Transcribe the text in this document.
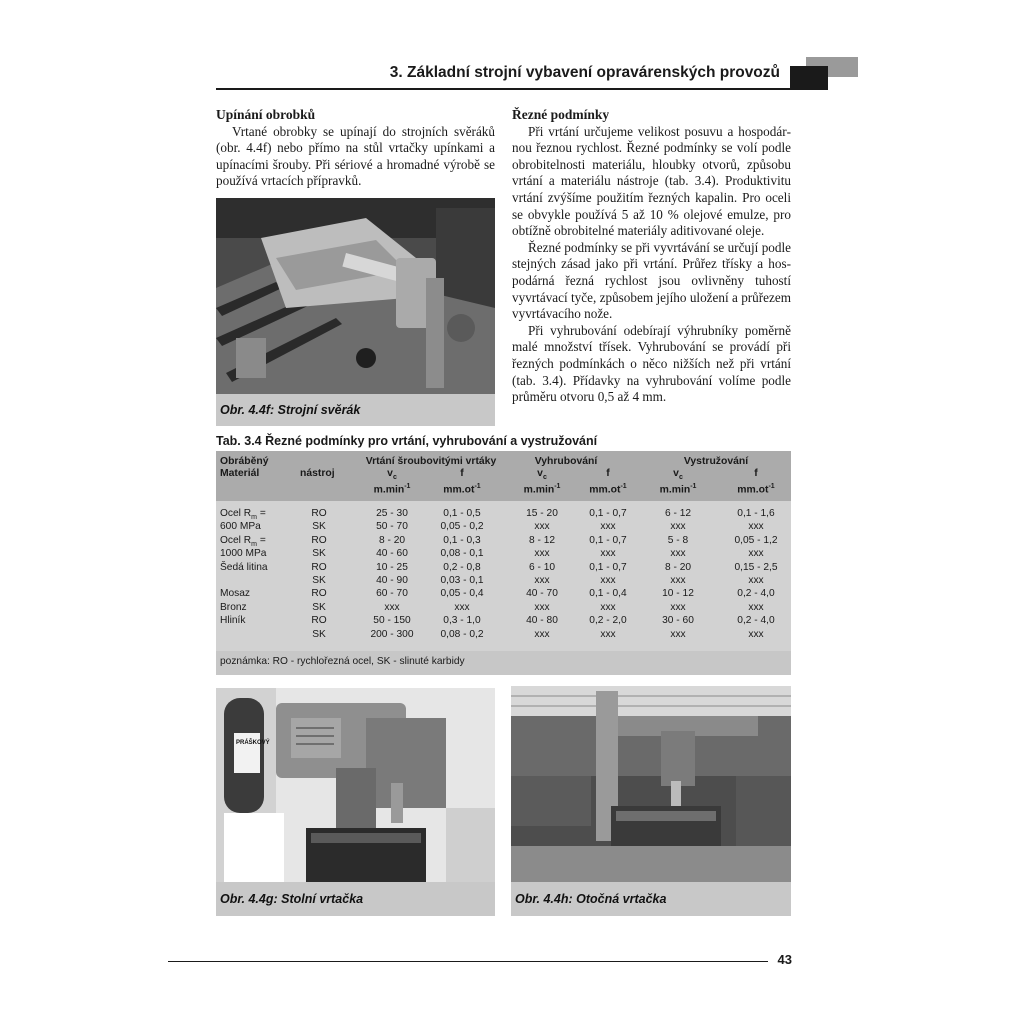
3. Základní strojní vybavení opravárenských provozů
Upínání obrobků

Vrtané obrobky se upínají do strojních svěráků (obr. 4.4f) nebo přímo na stůl vrtačky upínkami a upínacími šrouby. Při sériové a hromadné výrobě se používá vrtacích přípravků.

Řezné podmínky

Při vrtání určujeme velikost posuvu a hospodárnou řeznou rychlost. Řezné podmínky se volí podle obrobitelnosti materiálu, hloubky otvorů, způsobu vrtání a materiálu nástroje (tab. 3.4). Produktivitu vrtání zvýšíme použitím řezných kapalin. Pro oceli se obvykle používá 5 až 10 % olejové emulze, pro obtížně obrobitelné materiály aditivované oleje.

Řezné podmínky se při vyvrtávání se určují podle stejných zásad jako při vrtání. Průřez třísky a hospodárná řezná rychlost jsou ovlivněny tuhostí vyvrtávací tyče, způsobem jejího uložení a průřezem vyvrtávacího nože.

Při vyhrubování odebírají výhrubníky poměrně malé množství třísek. Vyhrubování se provádí při řezných podmínkách o něco nižších než při vrtání (tab. 3.4). Přídavky na vyhrubování volíme podle průměru otvoru 0,5 až 4 mm.

Obr. 4.4f: Strojní svěrák
Tab. 3.4 Řezné podmínky pro vrtání, vyhrubování a vystružování
Obráběný
Materiál	nástroj
Vrtání šroubovitými vrtáky	Vyhrubování	Vystružování
$v_c$	f	$v_c$	f	$v_c$	f
$m.\min^{-1}$	$mm.ot^{-1}$	$m.\min^{-1}$	$mm.ot^{-1}$	$m.\min^{-1}$	$mm.ot^{-1}$
Ocel $R_m$ =	RO	25 - 30	0,1 - 0,5	15 - 20	0,1 - 0,7	6 - 12	0,1 - 1,6
600 MPa	SK	50 - 70	0,05 - 0,2	xxx	xxx	xxx	xxx
Ocel $R_m$ =	RO	8 - 20	0,1 - 0,3	8 - 12	0,1 - 0,7	5 - 8	0,05 - 1,2
1000 MPa	SK	40 - 60	0,08 - 0,1	xxx	xxx	xxx	xxx
Šedá litina	RO	10 - 25	0,2 - 0,8	6 - 10	0,1 - 0,7	8 - 20	0,15 - 2,5
SK	40 - 90	0,03 - 0,1	xxx	xxx	xxx	xxx
Mosaz	RO	60 - 70	0,05 - 0,4	40 - 70	0,1 - 0,4	10 - 12	0,2 - 4,0
Bronz	SK	xxx	xxx	xxx	xxx	xxx	xxx
Hliník	RO	50 - 150	0,3 - 1,0	40 - 80	0,2 - 2,0	30 - 60	0,2 - 4,0
SK	200 - 300	0,08 - 0,2	xxx	xxx	xxx	xxx
poznámka: RO - rychlořezná ocel, SK - slinuté karbidy
PRÁŠKOVÝ
Obr. 4.4g: Stolní vrtačka	Obr. 4.4h: Otočná vrtačka
43
